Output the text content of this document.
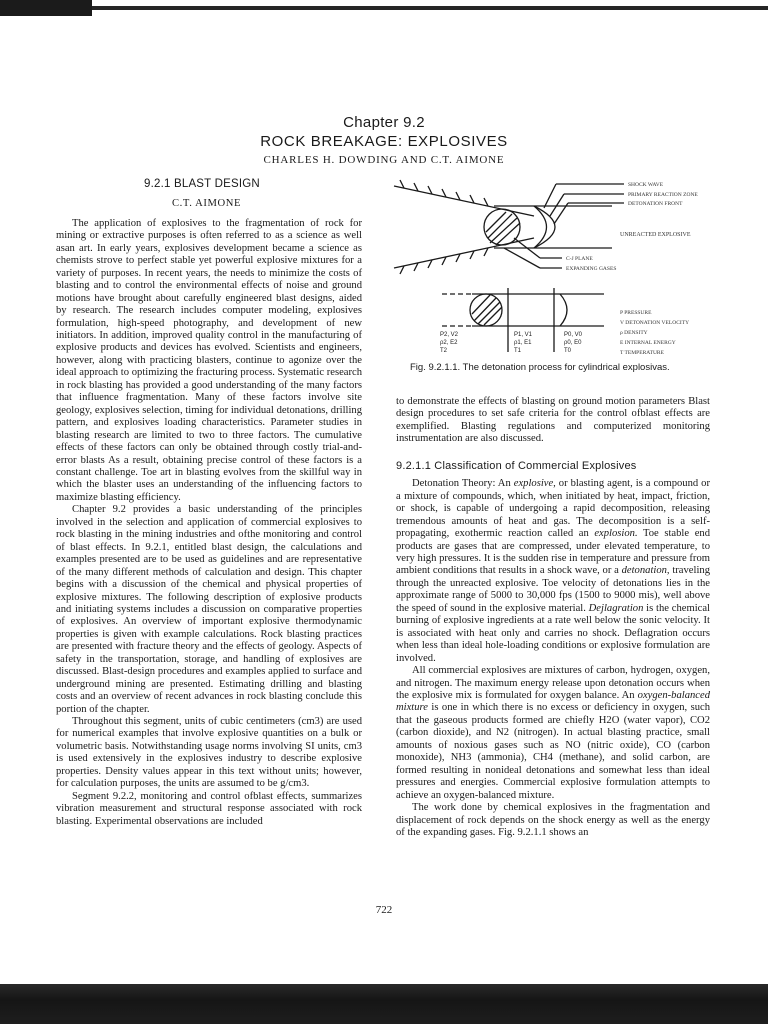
Chapter 9.2
ROCK BREAKAGE: EXPLOSIVES
CHARLES H. DOWDING AND C.T. AIMONE
9.2.1 BLAST DESIGN
C.T. AIMONE

The application of explosives to the fragmentation of rock for mining or extractive purposes is often referred to as a science as well asan art. In early years, explosives development became a science as chemists strove to perfect stable yet powerful explosive mixtures for a variety of purposes. In recent years, the needs to minimize the costs of blasting and to control the environmental effects of noise and ground motions have brought about carefully engineered blast designs, aided by research. The research includes computer modeling, explosives formulation, high-speed photography, and development of new initiators. In addition, improved quality control in the manufacturing of explosive products and devices has evolved. Scientists and engineers, however, along with practicing blasters, continue to agonize over the ideal approach to optimizing the fracturing process. Systematic research in rock blasting has provided a good understanding of the many factors that influence fragmentation. Many of these factors involve site geology, explosives selection, timing for individual detonations, drilling pattern, and explosives loading characteristics. Parameter studies in blasting research are limited to two to three factors. The cumulative effects of these factors can only be obtained through costly trial-and-error blasts As a result, obtaining precise control of these factors is a constant challenge. Toe art in blasting evolves from the skillful way in which the blaster uses an understanding of the influencing factors to maximize blasting efficiency.

Chapter 9.2 provides a basic understanding of the principles involved in the selection and application of commercial explosives to rock blasting in the mining industries and ofthe monitoring and control of blast effects. In 9.2.1, entitled blast design, the calculations and examples presented are to be used as guidelines and are representative of the many different methods of calculation and design. This chapter begins with a discussion of the chemical and physical properties of explosive mixtures. The following description of explosive products and initiating systems includes a discussion on comparative properties of explosives. An overview of important explosive thermodynamic properties is given with example calculations. Rock blasting practices are presented with fracture theory and the effects of geology. Aspects of safety in the transportation, storage, and handling of explosives are discussed. Blast-design procedures and examples applied to surface and underground mining are presented. Estimating drilling and blasting costs and an overview of recent advances in rock blasting conclude this portion of the chapter.

Throughout this segment, units of cubic centimeters (cm3) are used for numerical examples that involve explosive quantities on a bulk or volumetric basis. Notwithstanding usage norms involving SI units, cm3 is used extensively in the explosives industry to describe explosive properties. Density values appear in this text without units; however, for calculation purposes, the units are assumed to be g/cm3.

Segment 9.2.2, monitoring and control ofblast effects, summarizes vibration measurement and structural response associated with rock blasting. Experimental observations are included

SHOCK WAVE
PRIMARY REACTION ZONE
DETONATION FRONT
UNREACTED EXPLOSIVE
C-J PLANE
EXPANDING GASES
P PRESSURE
V DETONATION VELOCITY
ρ DENSITY
E INTERNAL ENERGY
T TEMPERATURE
P2, V2
ρ2, E2
T2
P1, V1
ρ1, E1
T1
P0, V0
ρ0, E0
T0
Fig. 9.2.1.1. The detonation process for cylindrical explosivas.

to demonstrate the effects of blasting on ground motion parameters Blast design procedures to set safe criteria for the control ofblast effects are exemplified. Blasting regulations and computerized monitoring instrumentation are also discussed.

9.2.1.1 Classification of Commercial Explosives

Detonation Theory: An explosive, or blasting agent, is a compound or a mixture of compounds, which, when initiated by heat, impact, friction, or shock, is capable of undergoing a rapid decomposition, releasing tremendous amounts of heat and gas. The decomposition is a self-propagating, exothermic reaction called an explosion. Toe stable end products are gases that are compressed, under elevated temperature, to very high pressures. It is the sudden rise in temperature and pressure from ambient conditions that results in a shock wave, or a detonation, traveling through the unreacted explosive. Toe velocity of detonations lies in the approximate range of 5000 to 30,000 fps (1500 to 9000 mis), well above the speed of sound in the explosive material. Dejlagration is the chemical burning of explosive ingredients at a rate well below the sonic velocity. It is associated with heat only and carries no shock. Deflagration occurs when less than ideal hole-loading conditions or explosive formulation are involved.

All commercial explosives are mixtures of carbon, hydrogen, oxygen, and nitrogen. The maximum energy release upon detonation occurs when the explosive mix is formulated for oxygen balance. An oxygen-balanced mixture is one in which there is no excess or deficiency in oxygen, such that the gaseous products formed are chiefly H2O (water vapor), CO2 (carbon dioxide), and N2 (nitrogen). In actual blasting practice, small amounts of noxious gases such as NO (nitric oxide), CO (carbon monoxide), NH3 (ammonia), CH4 (methane), and solid carbon, are formed resulting in nonideal detonations and somewhat less than ideal pressures and energies. Commercial explosive formulation attempts to achieve an oxygen-balanced mixture.

The work done by chemical explosives in the fragmentation and displacement of rock depends on the shock energy as well as the energy of the expanding gases. Fig. 9.2.1.1 shows an

722
